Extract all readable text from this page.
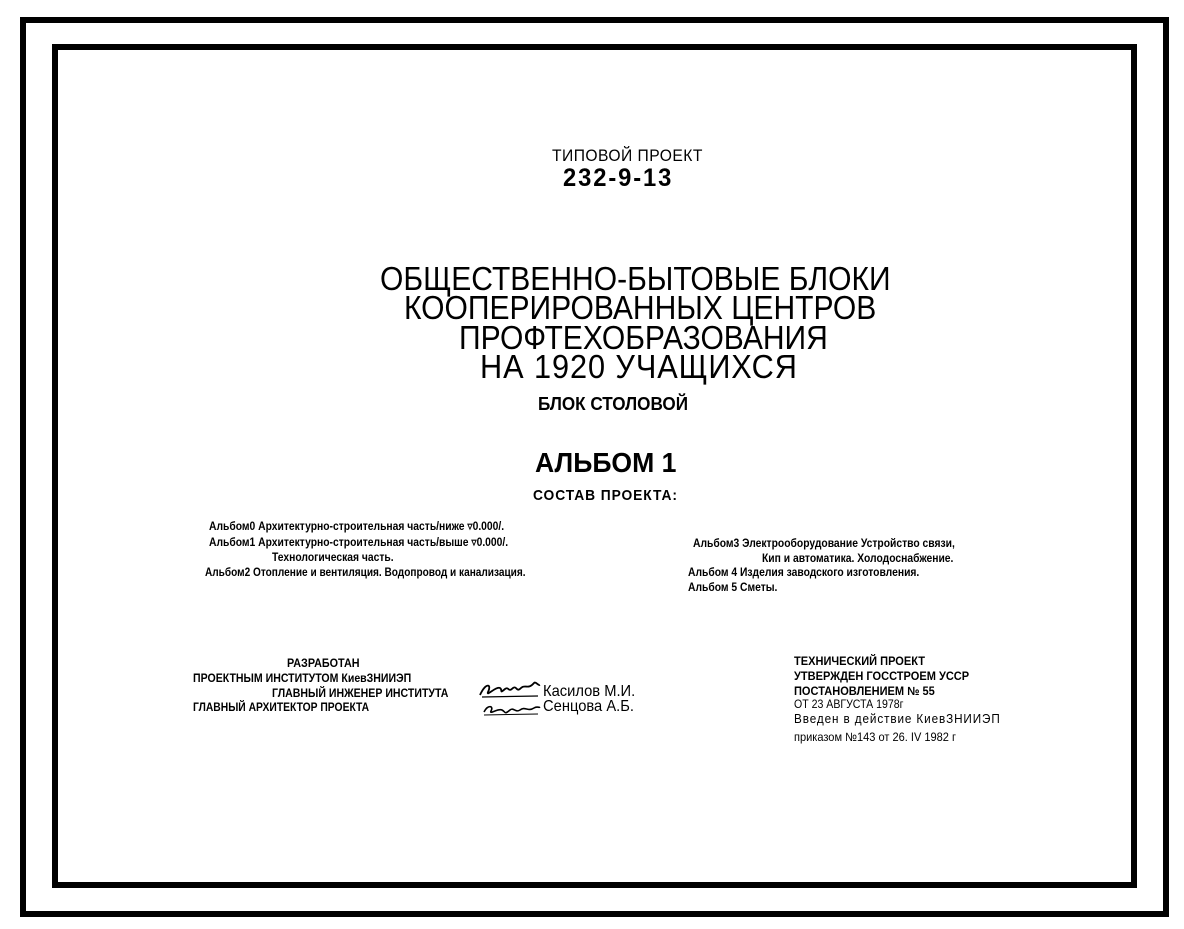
ТИПОВОЙ ПРОЕКТ
232-9-13
ОБЩЕСТВЕННО-БЫТОВЫЕ БЛОКИ
КООПЕРИРОВАННЫХ ЦЕНТРОВ
ПРОФТЕХОБРАЗОВАНИЯ
НА 1920 УЧАЩИХСЯ
БЛОК СТОЛОВОЙ
АЛЬБОМ 1
СОСТАВ ПРОЕКТА:
Альбом0 Архитектурно-строительная часть/ниже ▿0.000/.
Альбом1 Архитектурно-строительная часть/выше ▿0.000/.
Технологическая часть.
Альбом2 Отопление и вентиляция. Водопровод и канализация.
Альбом3 Электрооборудование Устройство связи,
Кип и автоматика. Холодоснабжение.
Альбом 4 Изделия заводского изготовления.
Альбом 5 Сметы.
РАЗРАБОТАН
ПРОЕКТНЫМ ИНСТИТУТОМ КиевЗНИИЭП
ГЛАВНЫЙ ИНЖЕНЕР ИНСТИТУТА
ГЛАВНЫЙ АРХИТЕКТОР ПРОЕКТА
Касилов М.И.
Сенцова А.Б.
ТЕХНИЧЕСКИЙ ПРОЕКТ
УТВЕРЖДЕН ГОССТРОЕМ УССР
ПОСТАНОВЛЕНИЕМ № 55
ОТ 23 АВГУСТА 1978г
Введен в действие КиевЗНИИЭП
приказом №143 от 26. IV 1982 г
